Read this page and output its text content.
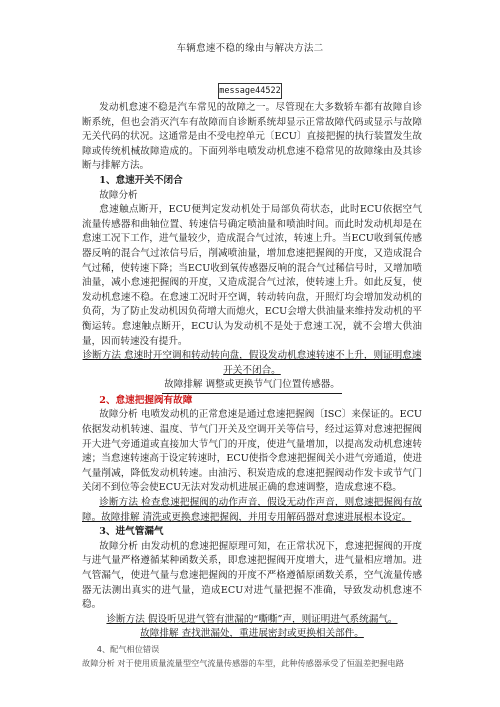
车辆怠速不稳的缘由与解决方法二
message44522

发动机怠速不稳是汽车常见的故障之一。尽管现在大多数轿车都有故障自诊断系统，但也会消灭汽车有故障而自诊断系统却显示正常故障代码或显示与故障无关代码的状况。这通常是由不受电控单元〔ECU〕直接把握的执行装置发生故障或传统机械故障造成的。下面列举电喷发动机怠速不稳常见的故障缘由及其诊断与排解方法。

1、怠速开关不闭合

故障分析

怠速触点断开，ECU便判定发动机处于局部负荷状态，此时ECU依据空气流量传感器和曲轴位置、转速信号确定喷油量和喷油时间。而此时发动机却是在怠速工况下工作，进气量较少，造成混合气过浓，转速上升。当ECU收到氧传感器反响的混合气过浓信号后，削减喷油量，增加怠速把握阀的开度，又造成混合气过稀，使转速下降；当ECU收到氧传感器反响的混合气过稀信号时，又增加喷油量，减小怠速把握阀的开度，又造成混合气过浓，使转速上升。如此反复，使发动机怠速不稳。在怠速工况时开空调，转动转向盘，开照灯均会增加发动机的负荷，为了防止发动机因负荷增大而熄火，ECU会增大供油量来维持发动机的平衡运转。怠速触点断开，ECU认为发动机不是处于怠速工况，就不会增大供油量，因而转速没有提升。

诊断方法 怠速时开空调和转动转向盘，假设发动机怠速转速不上升，则证明怠速开关不闭合。

故障排解 调整或更换节气门位置传感器。

2、怠速把握阀有故障

故障分析 电喷发动机的正常怠速是通过怠速把握阀〔ISC〕来保证的。ECU依据发动机转速、温度、节气门开关及空调开关等信号，经过运算对怠速把握阀开大进气旁通道或直接加大节气门的开度，使进气量增加，以提高发动机怠速转速；当怠速转速高于设定转速时，ECU使指令怠速把握阀关小进气旁通道，使进气量削减，降低发动机转速。由油污、积炭造成的怠速把握阀动作发卡或节气门关闭不到位等会使ECU无法对发动机进展正确的怠速调整，造成怠速不稳。

诊断方法 检查怠速把握阀的动作声音，假设无动作声音，则怠速把握阀有故障。故障排解 清洗或更换怠速把握阀，并用专用解码器对怠速进展根本设定。

3、进气管漏气

故障分析 由发动机的怠速把握原理可知，在正常状况下，怠速把握阀的开度与进气量严格遵循某种函数关系，即怠速把握阀开度增大，进气量相应增加。进气管漏气，使进气量与怠速把握阀的开度不严格遵循原函数关系，空气流量传感器无法测出真实的进气量，造成ECU对进气量把握不准确，导致发动机怠速不稳。

诊断方法 假设听见进气管有泄漏的“嘶嘶”声，则证明进气系统漏气。

故障排解 查找泄漏处，重进展密封或更换相关部件。

4、配气相位错误

故障分析 对于使用质量流量型空气流量传感器的车型，此种传感器承受了恒温差把握电路
